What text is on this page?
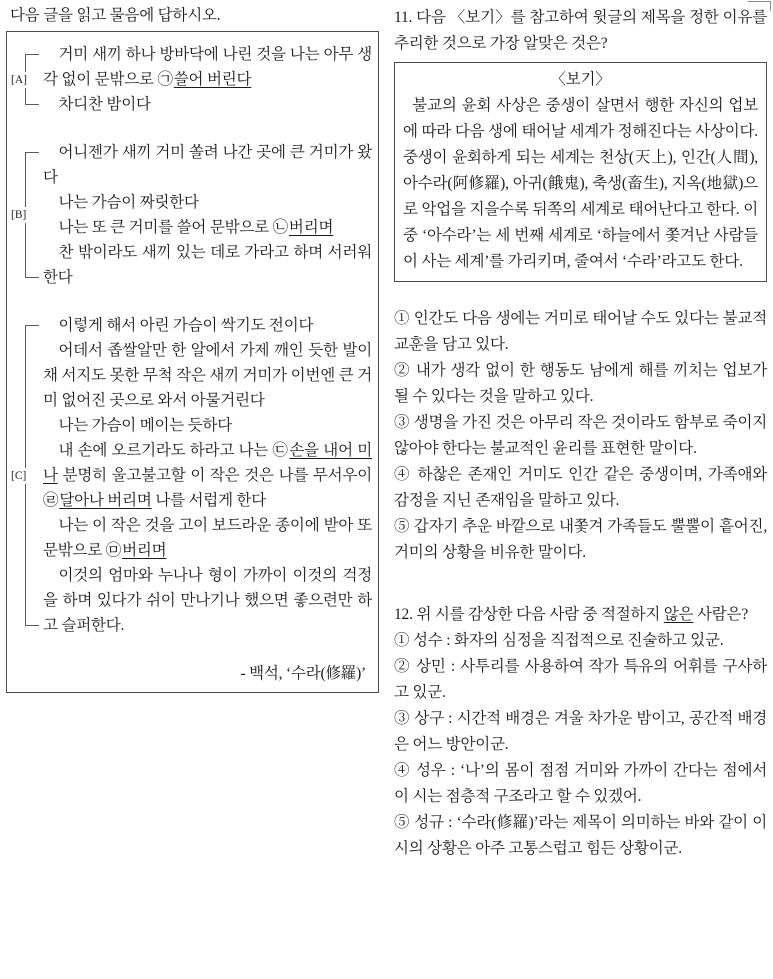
다음 글을 읽고 물음에 답하시오.
[A]

거미 새끼 하나 방바닥에 나린 것을 나는 아무 생각 없이 문밖으로 ㉠쓸어 버린다

차디찬 밤이다

[B]

어니젠가 새끼 거미 쏠려 나간 곳에 큰 거미가 왔다

나는 가슴이 짜릿한다

나는 또 큰 거미를 쓸어 문밖으로 ㉡버리며

찬 밖이라도 새끼 있는 데로 가라고 하며 서러워한다

[C]

이렇게 해서 아린 가슴이 싹기도 전이다

어데서 좁쌀알만 한 알에서 가제 깨인 듯한 발이 채 서지도 못한 무척 작은 새끼 거미가 이번엔 큰 거미 없어진 곳으로 와서 아물거린다

나는 가슴이 메이는 듯하다

내 손에 오르기라도 하라고 나는 ㉢손을 내어 미나 분명히 울고불고할 이 작은 것은 나를 무서우이 ㉣달아나 버리며 나를 서럽게 한다

나는 이 작은 것을 고이 보드라운 종이에 받아 또 문밖으로 ㉤버리며

이것의 엄마와 누나나 형이 가까이 이것의 걱정을 하며 있다가 쉬이 만나기나 했으면 좋으련만 하고 슬퍼한다.

- 백석, ‘수라(修羅)’

11. 다음 〈보기〉를 참고하여 윗글의 제목을 정한 이유를 추리한 것으로 가장 알맞은 것은?

〈보기〉

불교의 윤회 사상은 중생이 살면서 행한 자신의 업보에 따라 다음 생에 태어날 세계가 정해진다는 사상이다. 중생이 윤회하게 되는 세계는 천상(天上), 인간(人間), 아수라(阿修羅), 아귀(餓鬼), 축생(畜生), 지옥(地獄)으로 악업을 지을수록 뒤쪽의 세계로 태어난다고 한다. 이 중 ‘아수라’는 세 번째 세계로 ‘하늘에서 쫓겨난 사람들이 사는 세계’를 가리키며, 줄여서 ‘수라’라고도 한다.

① 인간도 다음 생에는 거미로 태어날 수도 있다는 불교적 교훈을 담고 있다.

② 내가 생각 없이 한 행동도 남에게 해를 끼치는 업보가 될 수 있다는 것을 말하고 있다.

③ 생명을 가진 것은 아무리 작은 것이라도 함부로 죽이지 않아야 한다는 불교적인 윤리를 표현한 말이다.

④ 하찮은 존재인 거미도 인간 같은 중생이며, 가족애와 감정을 지닌 존재임을 말하고 있다.

⑤ 갑자기 추운 바깥으로 내쫓겨 가족들도 뿔뿔이 흩어진, 거미의 상황을 비유한 말이다.

12. 위 시를 감상한 다음 사람 중 적절하지 않은 사람은?

① 성수 : 화자의 심정을 직접적으로 진술하고 있군.

② 상민 : 사투리를 사용하여 작가 특유의 어휘를 구사하고 있군.

③ 상구 : 시간적 배경은 겨울 차가운 밤이고, 공간적 배경은 어느 방안이군.

④ 성우 : ‘나’의 몸이 점점 거미와 가까이 간다는 점에서 이 시는 점층적 구조라고 할 수 있겠어.

⑤ 성규 : ‘수라(修羅)’라는 제목이 의미하는 바와 같이 이 시의 상황은 아주 고통스럽고 힘든 상황이군.
